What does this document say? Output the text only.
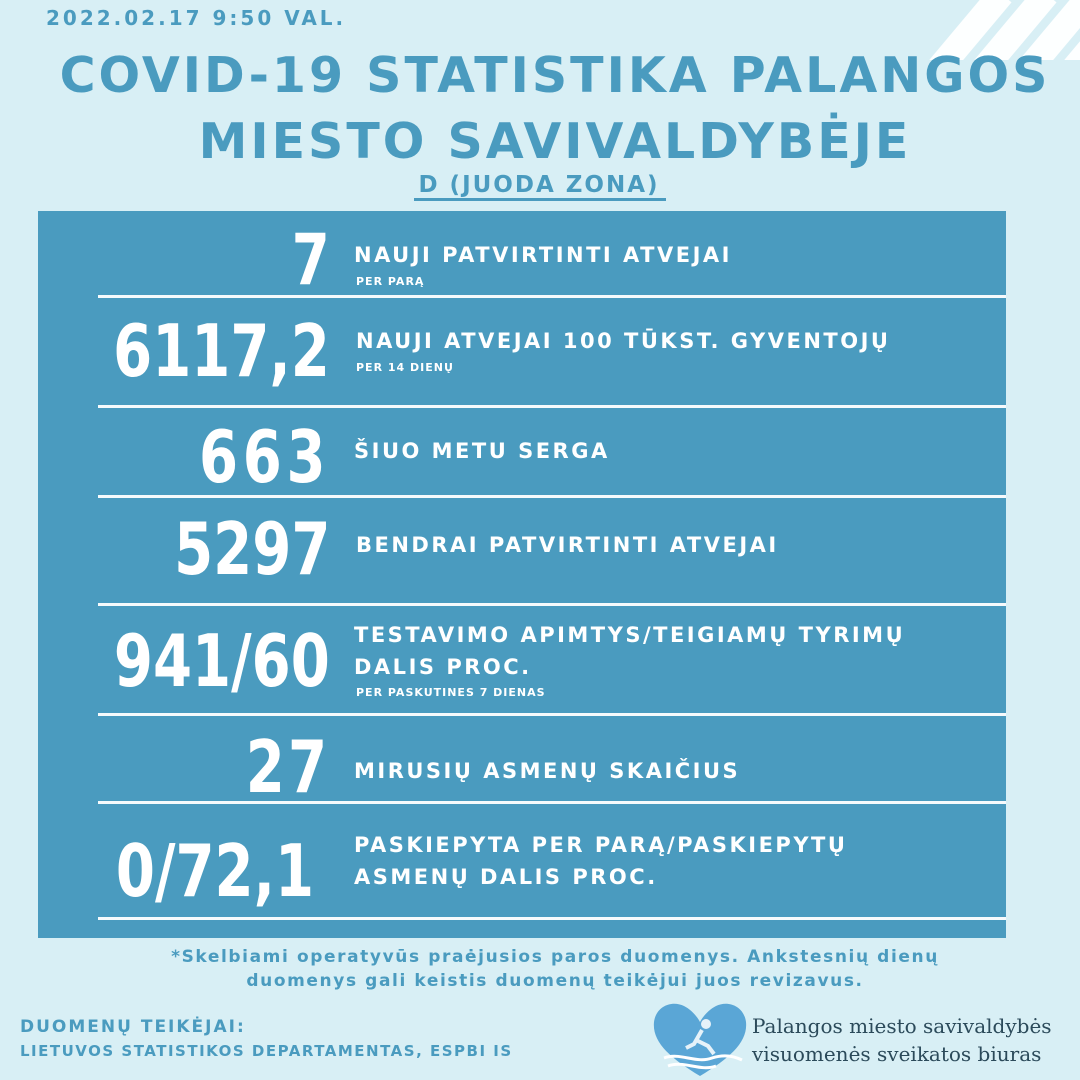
2022.02.17 9:50 VAL.
COVID-19 STATISTIKA PALANGOS
MIESTO SAVIVALDYBĖJE
D (JUODA ZONA)
7 NAUJI PATVIRTINTI ATVEJAI
PER PARĄ
6117,2 NAUJI ATVEJAI 100 TŪKST. GYVENTOJŲ
PER 14 DIENŲ
663 ŠIUO METU SERGA
5297 BENDRAI PATVIRTINTI ATVEJAI
941/60 TESTAVIMO APIMTYS/TEIGIAMŲ TYRIMŲ
DALIS PROC.
PER PASKUTINES 7 DIENAS
27 MIRUSIŲ ASMENŲ SKAIČIUS
0/72,1 PASKIEPYTA PER PARĄ/PASKIEPYTŲ
ASMENŲ DALIS PROC.
*Skelbiami operatyvūs praėjusios paros duomenys. Ankstesnių dienų
duomenys gali keistis duomenų teikėjui juos revizavus.
DUOMENŲ TEIKĖJAI:
LIETUVOS STATISTIKOS DEPARTAMENTAS, ESPBI IS
Palangos miesto savivaldybės
visuomenės sveikatos biuras
